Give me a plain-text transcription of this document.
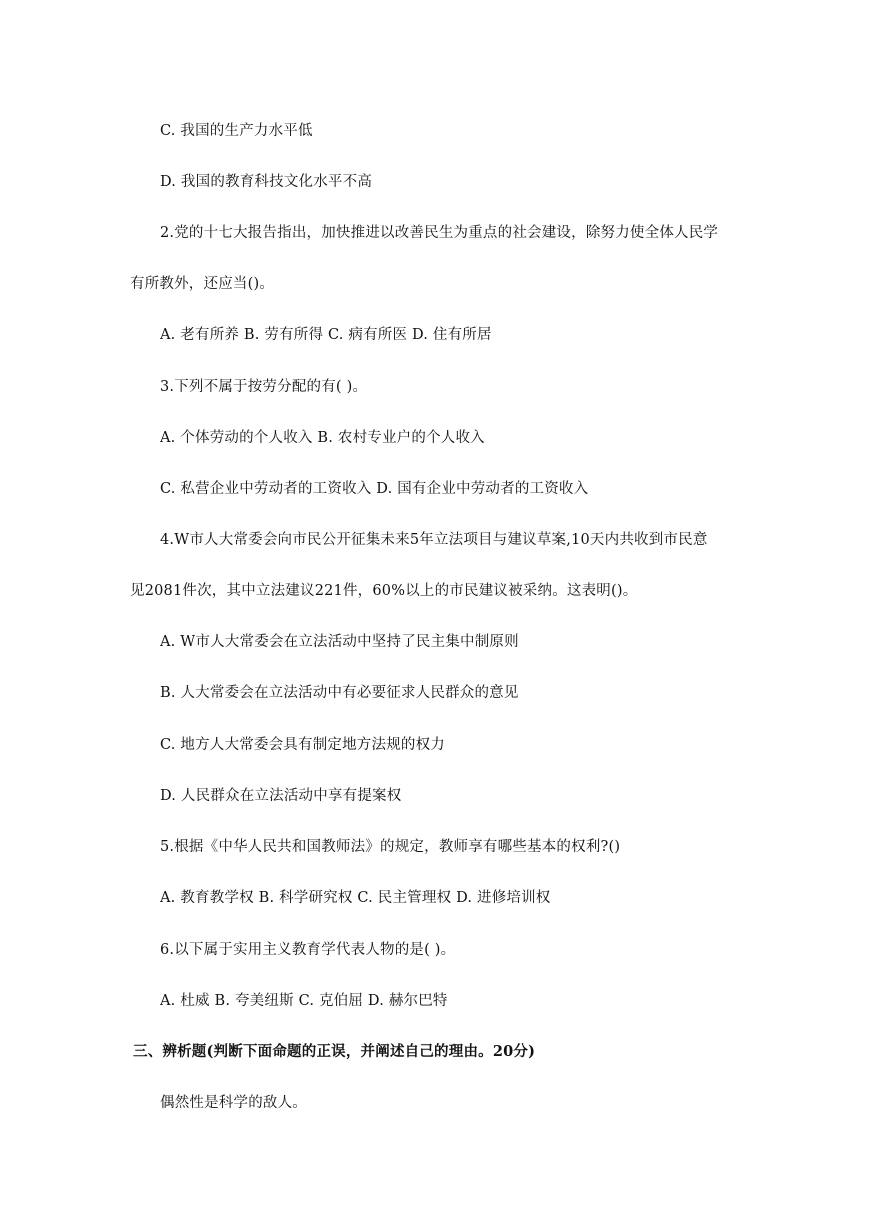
C. 我国的生产力水平低
D. 我国的教育科技文化水平不高
2.党的十七大报告指出，加快推进以改善民生为重点的社会建设，除努力使全体人民学
有所教外，还应当()。
A. 老有所养 B. 劳有所得 C. 病有所医 D. 住有所居
3.下列不属于按劳分配的有( )。
A. 个体劳动的个人收入 B. 农村专业户的个人收入
C. 私营企业中劳动者的工资收入 D. 国有企业中劳动者的工资收入
4.W市人大常委会向市民公开征集未来5年立法项目与建议草案,10天内共收到市民意
见2081件次，其中立法建议221件，60%以上的市民建议被采纳。这表明()。
A. W市人大常委会在立法活动中坚持了民主集中制原则
B. 人大常委会在立法活动中有必要征求人民群众的意见
C. 地方人大常委会具有制定地方法规的权力
D. 人民群众在立法活动中享有提案权
5.根据《中华人民共和国教师法》的规定，教师享有哪些基本的权利?()
A. 教育教学权 B. 科学研究权 C. 民主管理权 D. 进修培训权
6.以下属于实用主义教育学代表人物的是( )。
A. 杜威 B. 夸美纽斯 C. 克伯屈 D. 赫尔巴特
三、辨析题(判断下面命题的正误，并阐述自己的理由。20分)
偶然性是科学的敌人。
